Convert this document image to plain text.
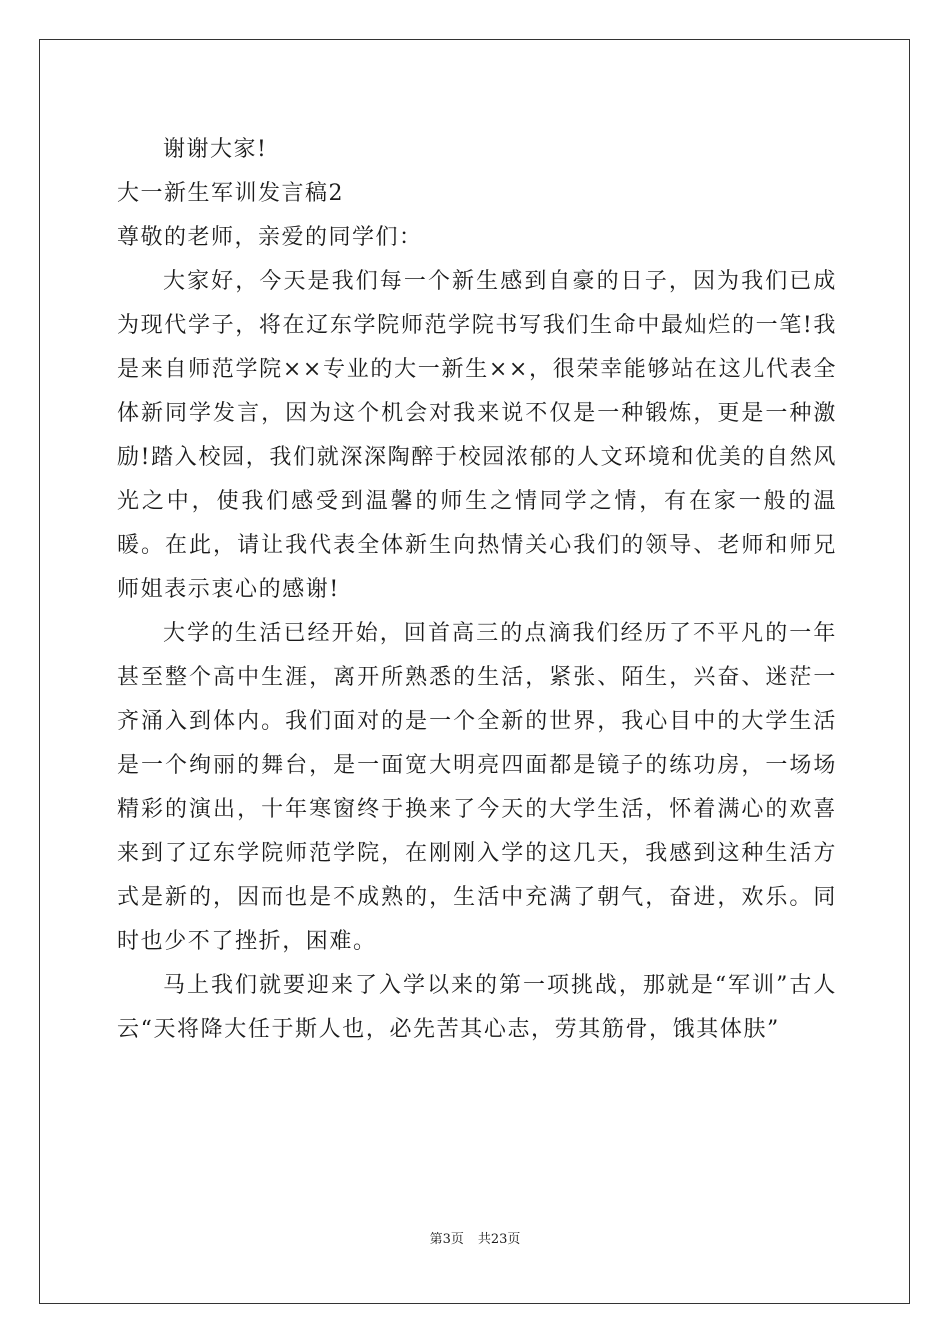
谢谢大家!
大一新生军训发言稿2
尊敬的老师，亲爱的同学们：

大家好，今天是我们每一个新生感到自豪的日子，因为我们已成为现代学子，将在辽东学院师范学院书写我们生命中最灿烂的一笔!我是来自师范学院××专业的大一新生××，很荣幸能够站在这儿代表全体新同学发言，因为这个机会对我来说不仅是一种锻炼，更是一种激励!踏入校园，我们就深深陶醉于校园浓郁的人文环境和优美的自然风光之中，使我们感受到温馨的师生之情同学之情，有在家一般的温暖。在此，请让我代表全体新生向热情关心我们的领导、老师和师兄师姐表示衷心的感谢!

大学的生活已经开始，回首高三的点滴我们经历了不平凡的一年甚至整个高中生涯，离开所熟悉的生活，紧张、陌生，兴奋、迷茫一齐涌入到体内。我们面对的是一个全新的世界，我心目中的大学生活是一个绚丽的舞台，是一面宽大明亮四面都是镜子的练功房，一场场精彩的演出，十年寒窗终于换来了今天的大学生活，怀着满心的欢喜来到了辽东学院师范学院，在刚刚入学的这几天，我感到这种生活方式是新的，因而也是不成熟的，生活中充满了朝气，奋进，欢乐。同时也少不了挫折，困难。

马上我们就要迎来了入学以来的第一项挑战，那就是“军训”古人云“天将降大任于斯人也，必先苦其心志，劳其筋骨，饿其体肤”

第3页 共23页
